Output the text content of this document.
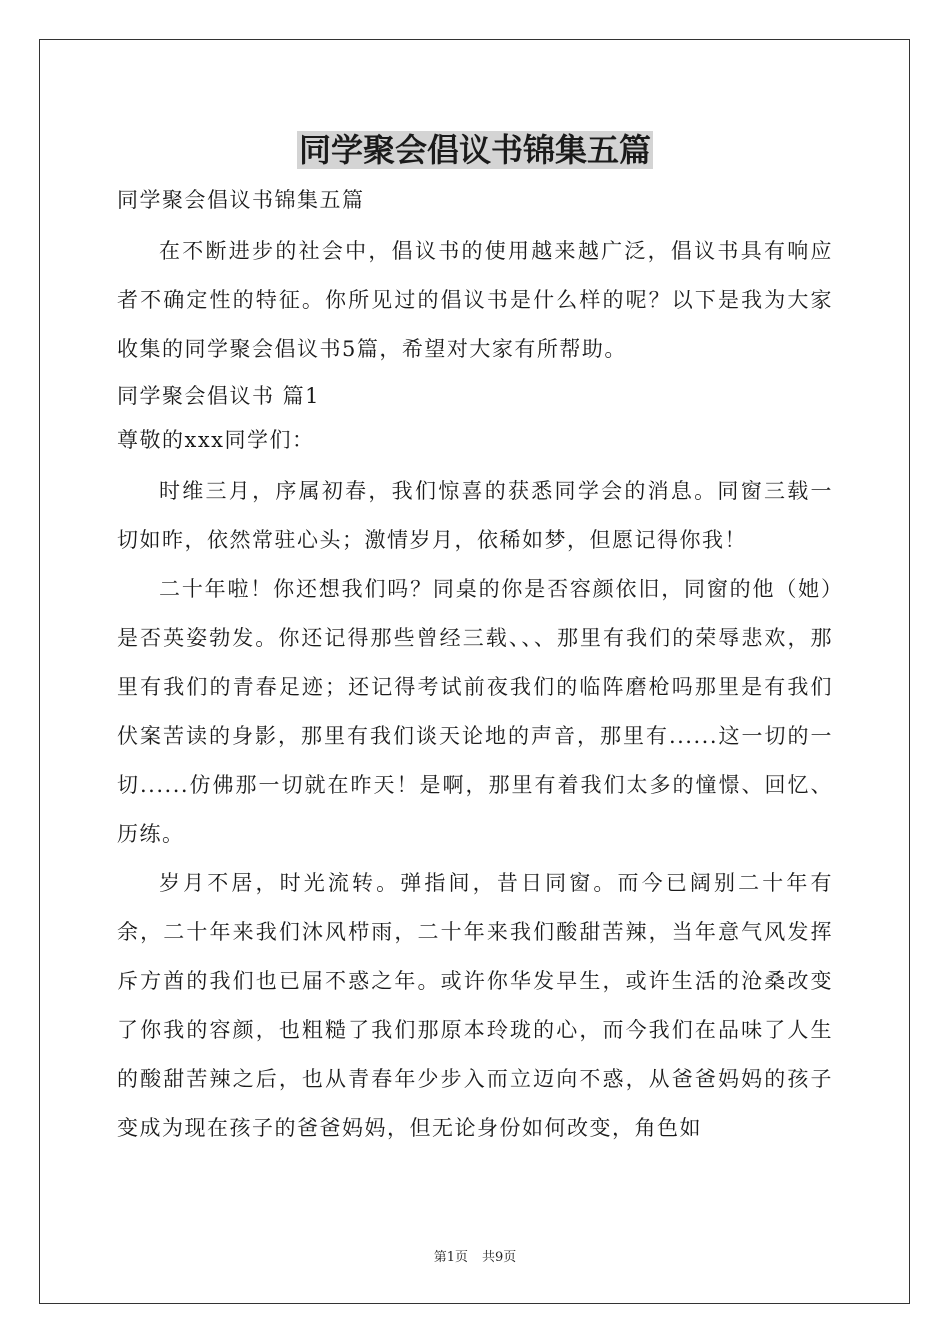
同学聚会倡议书锦集五篇

同学聚会倡议书锦集五篇

在不断进步的社会中，倡议书的使用越来越广泛，倡议书具有响应者不确定性的特征。你所见过的倡议书是什么样的呢？以下是我为大家收集的同学聚会倡议书5篇，希望对大家有所帮助。

同学聚会倡议书 篇1

尊敬的xxx同学们：

时维三月，序属初春，我们惊喜的获悉同学会的消息。同窗三载一切如昨，依然常驻心头；激情岁月，依稀如梦，但愿记得你我！

二十年啦！你还想我们吗？同桌的你是否容颜依旧，同窗的他（她）是否英姿勃发。你还记得那些曾经三载、、、那里有我们的荣辱悲欢，那里有我们的青春足迹；还记得考试前夜我们的临阵磨枪吗那里是有我们伏案苦读的身影，那里有我们谈天论地的声音，那里有......这一切的一切......仿佛那一切就在昨天！是啊，那里有着我们太多的憧憬、回忆、历练。

岁月不居，时光流转。弹指间，昔日同窗。而今已阔别二十年有余，二十年来我们沐风栉雨，二十年来我们酸甜苦辣，当年意气风发挥斥方酋的我们也已届不惑之年。或许你华发早生，或许生活的沧桑改变了你我的容颜，也粗糙了我们那原本玲珑的心，而今我们在品味了人生的酸甜苦辣之后，也从青春年少步入而立迈向不惑，从爸爸妈妈的孩子变成为现在孩子的爸爸妈妈，但无论身份如何改变，角色如

第1页 共9页
